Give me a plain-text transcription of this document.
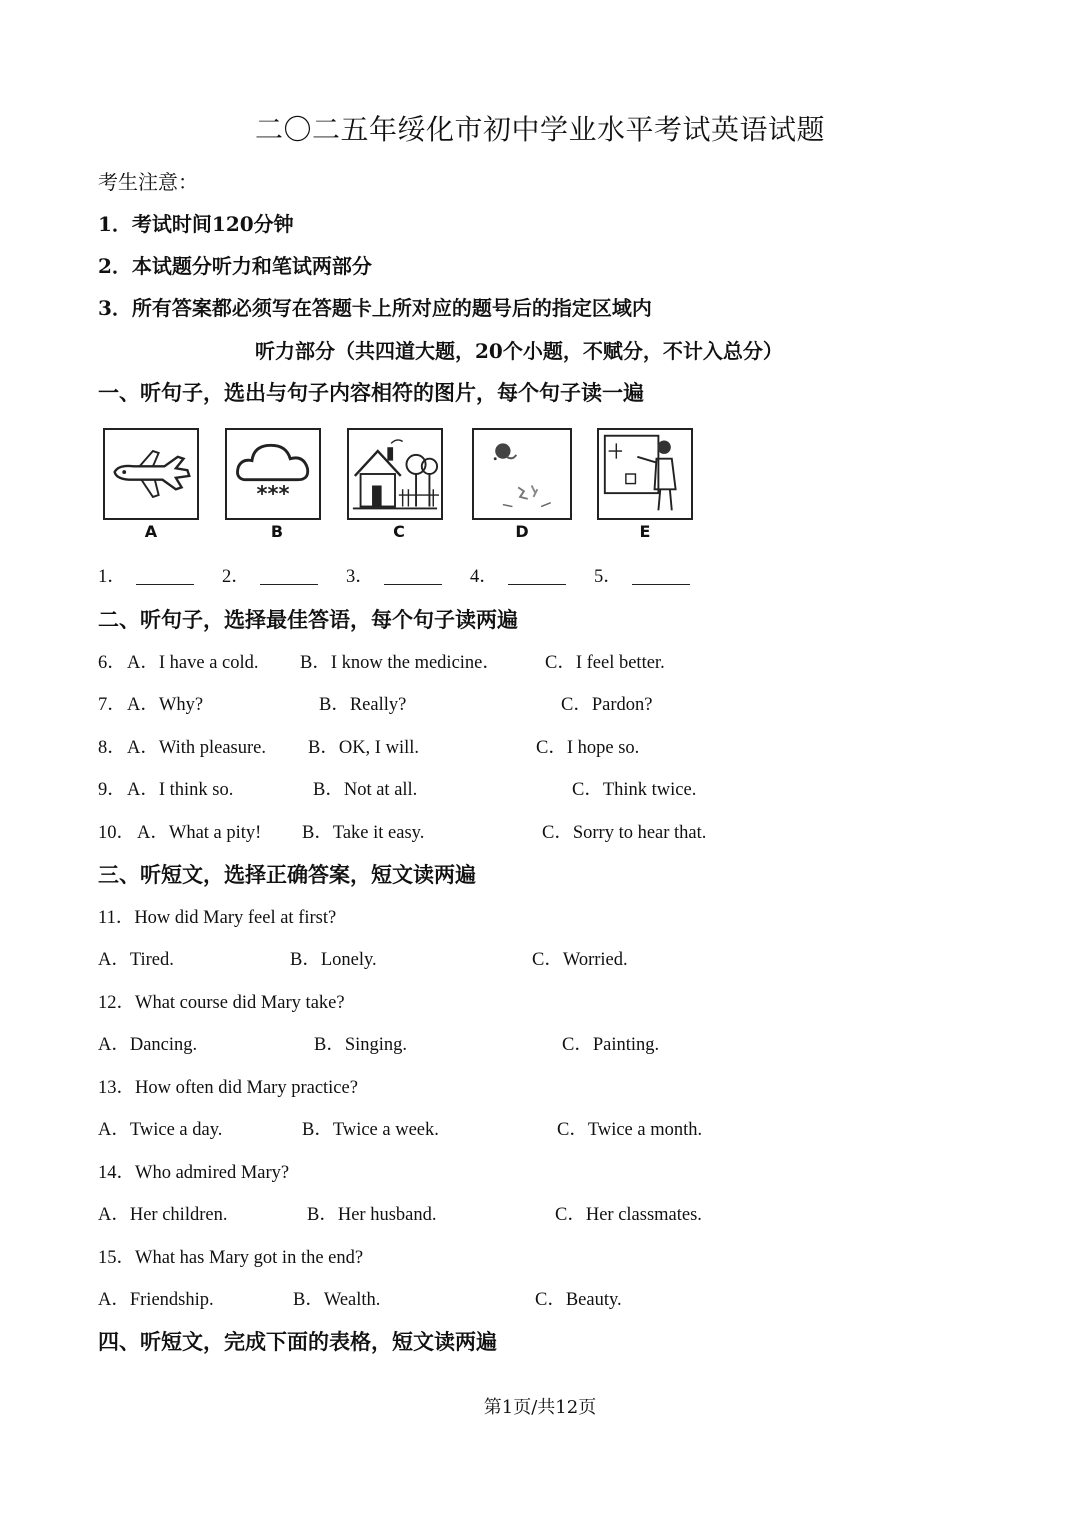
二〇二五年绥化市初中学业水平考试英语试题
考生注意：
1．考试时间120分钟
2．本试题分听力和笔试两部分
3．所有答案都必须写在答题卡上所对应的题号后的指定区域内
听力部分（共四道大题，20个小题，不赋分，不计入总分）
一、听句子，选出与句子内容相符的图片，每个句子读一遍
A
***
B	C	D	E
1．	2．	3．	4．	5．
二、听句子，选择最佳答语，每个句子读两遍
6． A．I have a cold. B．I know the medicine． C．I feel better.
7． A．Why?	B．Really?	C．Pardon?
8． A．With pleasure. B．OK, I will.	C．I hope so.
9． A．I think so.	B．Not at all.	C．Think twice.
10． A．What a pity! B．Take it easy.	C．Sorry to hear that.
三、听短文，选择正确答案，短文读两遍
11．How did Mary feel at first?
A．Tired.	B．Lonely.	C．Worried.
12．What course did Mary take?
A．Dancing.	B．Singing.	C．Painting.
13．How often did Mary practice?
A．Twice a day.	B．Twice a week.	C．Twice a month.
14．Who admired Mary?
A．Her children.	B．Her husband.	C．Her classmates.
15．What has Mary got in the end?
A．Friendship.	B．Wealth.	C．Beauty.
四、听短文，完成下面的表格，短文读两遍
第1页/共12页
